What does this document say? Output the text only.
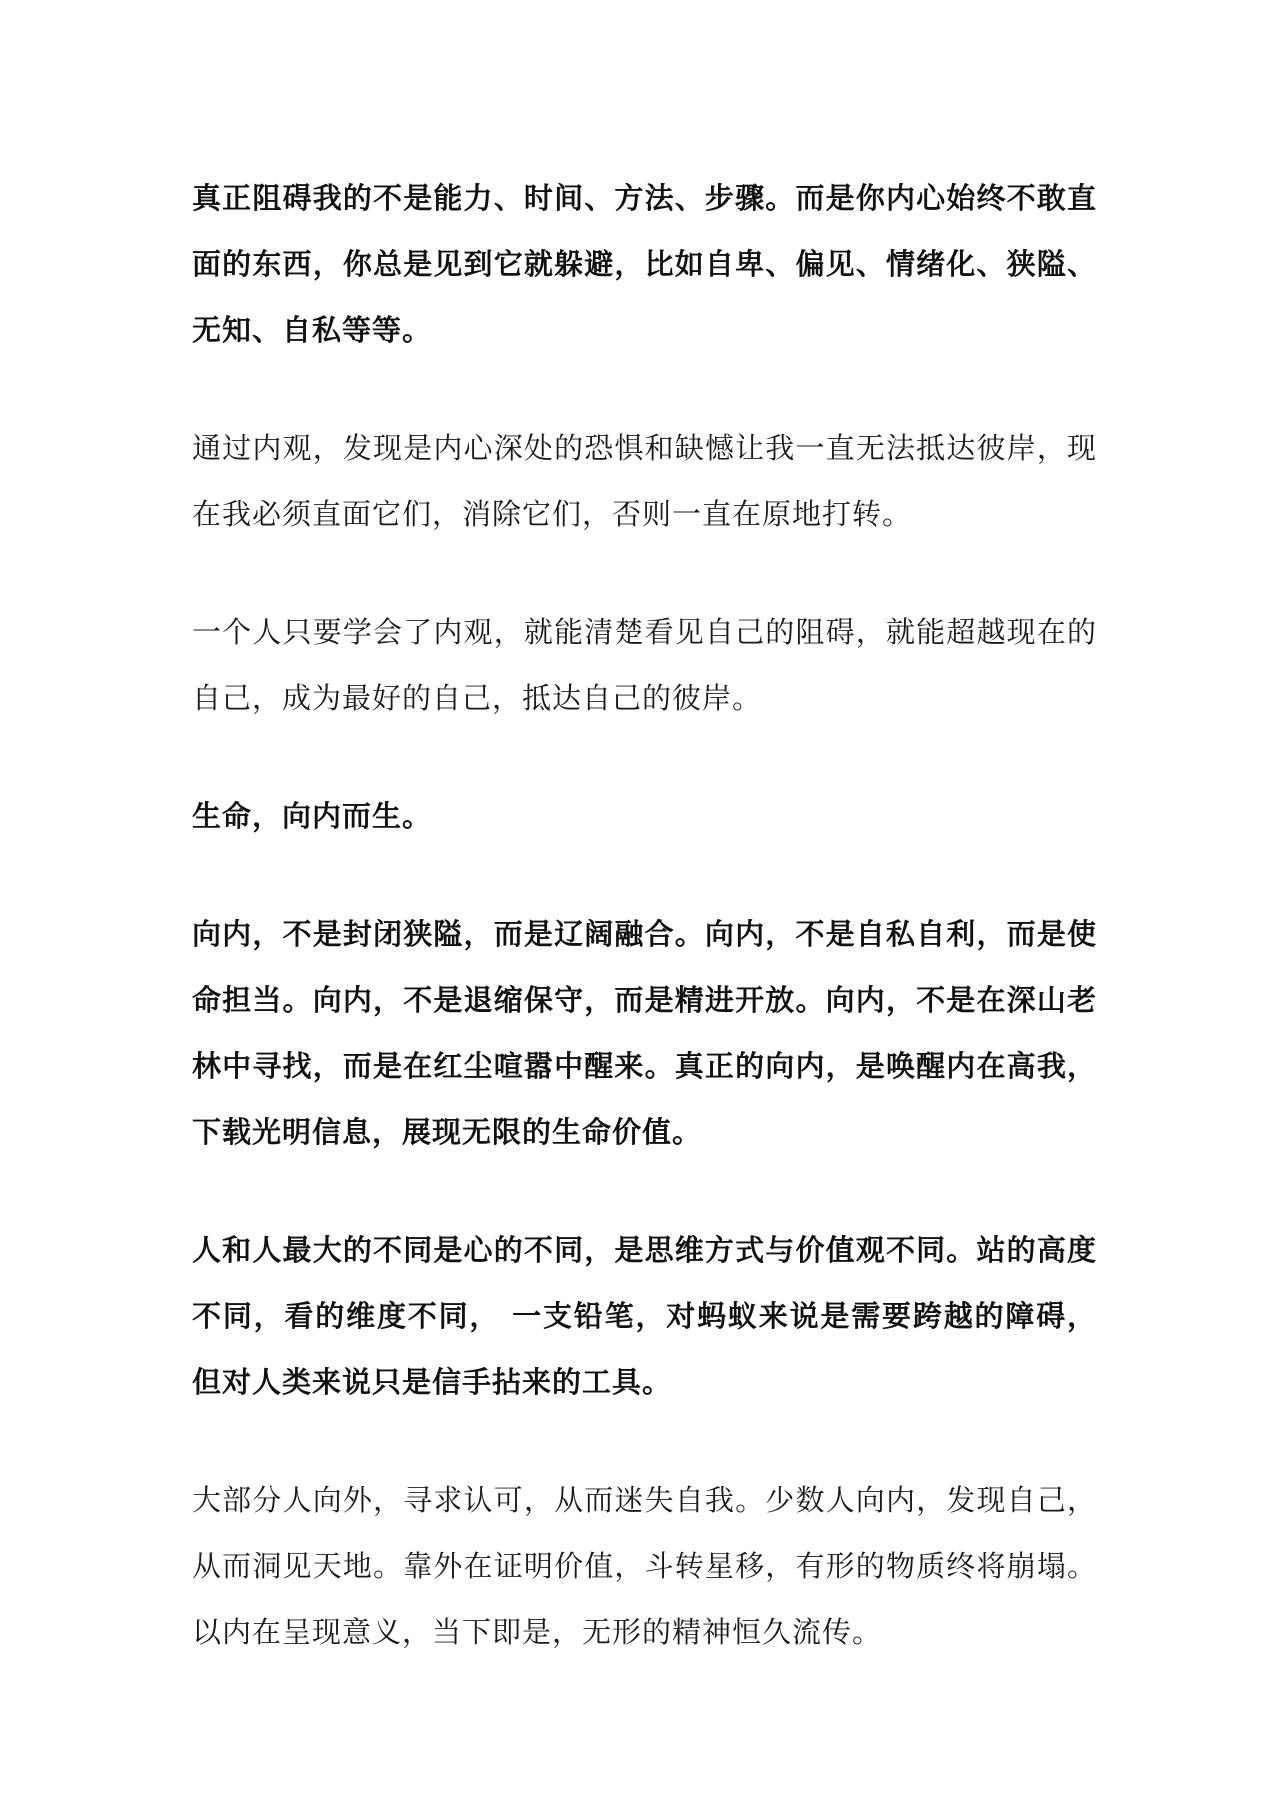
真正阻碍我的不是能力、时间、方法、步骤。而是你内心始终不敢直面的东西，你总是见到它就躲避，比如自卑、偏见、情绪化、狭隘、无知、自私等等。

通过内观，发现是内心深处的恐惧和缺憾让我一直无法抵达彼岸，现在我必须直面它们，消除它们，否则一直在原地打转。

一个人只要学会了内观，就能清楚看见自己的阻碍，就能超越现在的自己，成为最好的自己，抵达自己的彼岸。

生命，向内而生。

向内，不是封闭狭隘，而是辽阔融合。向内，不是自私自利，而是使命担当。向内，不是退缩保守，而是精进开放。向内，不是在深山老林中寻找，而是在红尘喧嚣中醒来。真正的向内，是唤醒内在高我，下载光明信息，展现无限的生命价值。

人和人最大的不同是心的不同，是思维方式与价值观不同。站的高度不同，看的维度不同， 一支铅笔，对蚂蚁来说是需要跨越的障碍，但对人类来说只是信手拈来的工具。

大部分人向外，寻求认可，从而迷失自我。少数人向内，发现自己，从而洞见天地。靠外在证明价值，斗转星移，有形的物质终将崩塌。以内在呈现意义，当下即是，无形的精神恒久流传。
